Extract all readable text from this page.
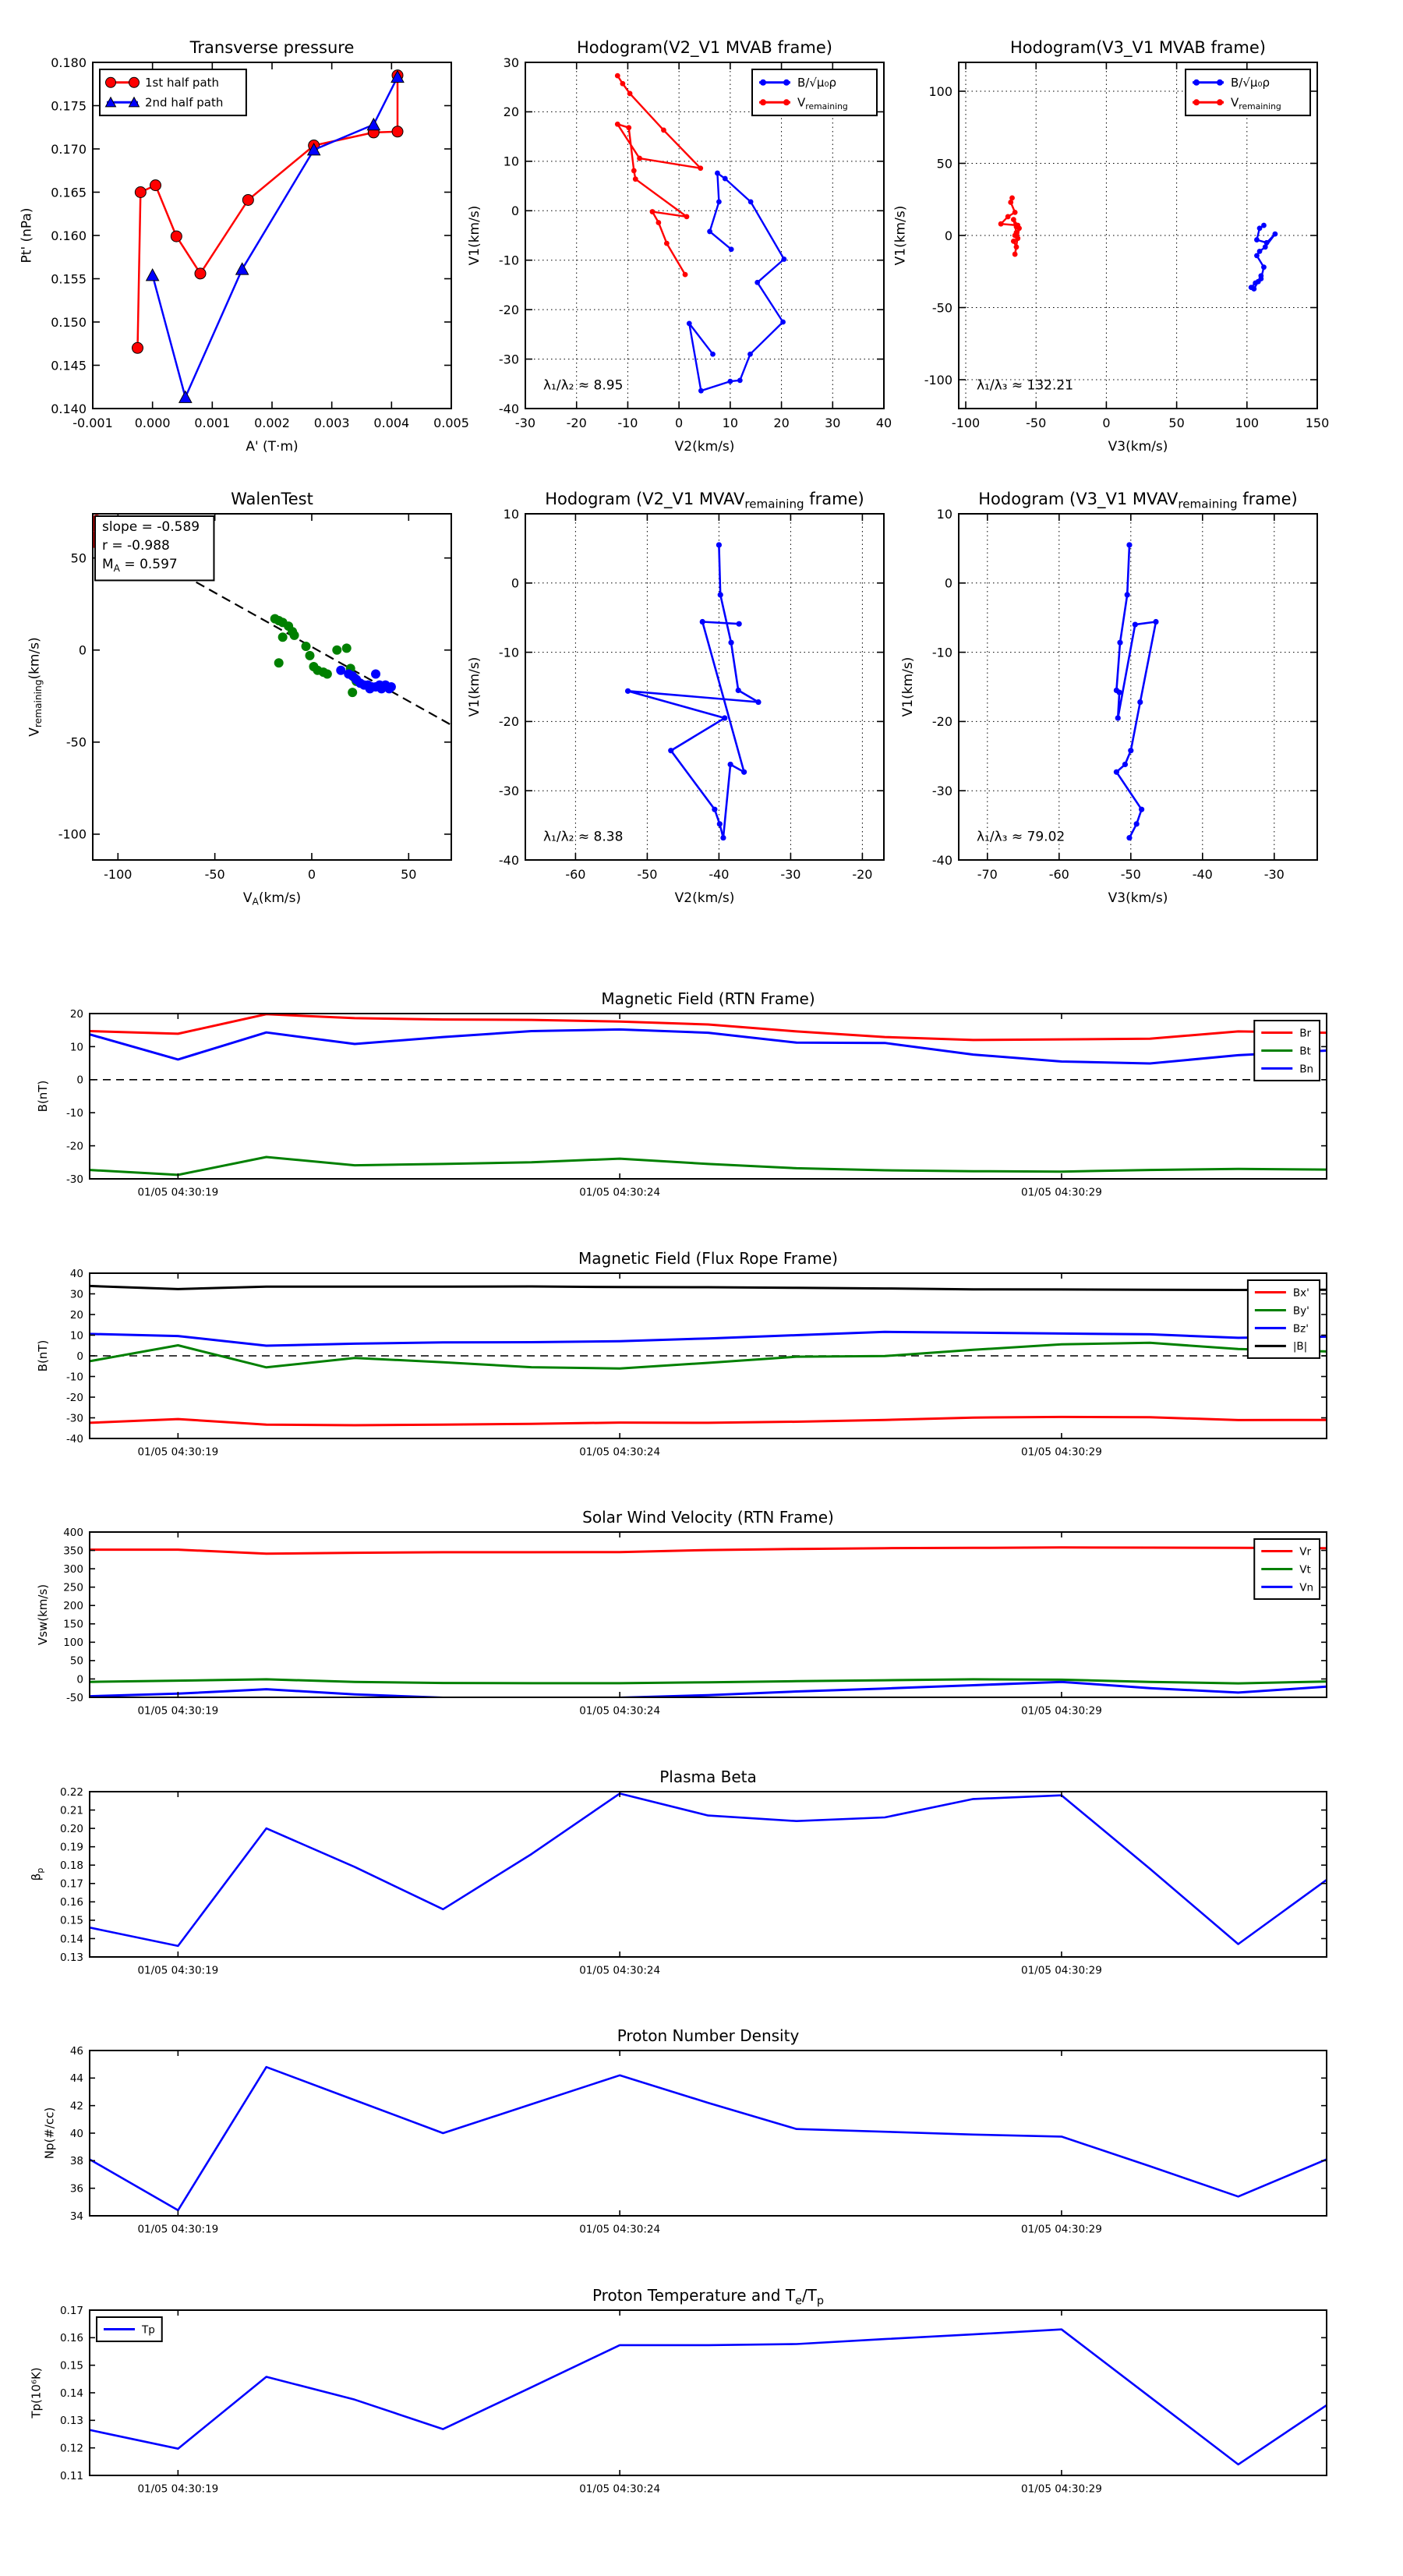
-0.001 0.000 0.001 0.002 0.003 0.004 0.005
0.140
0.145
0.150
0.155
0.160
0.165
0.170
0.175
0.180
Transverse pressure
A' (T·m)
Pt' (nPa)
1st half path
2nd half path
-30 -20 -10	0	10	20	30	40
-40
-30
-20
-10
0
10
20
30
Hodogram(V2_V1 MVAB frame)
V2(km/s)
V1(km/s)
λ₁/λ₂ ≈ 8.95
B/√μ₀ρ
$V_{remaining}$
-100	-50	0	50	100	150
-100
-50
0
50
100
Hodogram(V3_V1 MVAB frame)
V3(km/s)
V1(km/s)
λ₁/λ₃ ≈ 132.21
B/√μ₀ρ
$V_{remaining}$
-100	-50	0	50
-100
-50
0
50
WalenTest
$V_A(km/s)$
$V_{remaining}(km/s)$
slope = -0.589
r = -0.988
$M_A = 0.597$
-60	-50	-40	-30	-20
-40
-30
-20
-10
0
10
Hodogram (V2_V1 $MVAV_{remaining}$ frame)
V2(km/s)
V1(km/s)
λ₁/λ₂ ≈ 8.38
-70	-60	-50	-40	-30
-40
-30
-20
-10
0
10
Hodogram (V3_V1 $MVAV_{remaining}$ frame)
V3(km/s)
V1(km/s)
λ₁/λ₃ ≈ 79.02
01/05 04:30:19	01/05 04:30:24	01/05 04:30:29
-30
-20
-10
0
10
20
Magnetic Field (RTN Frame)
B(nT)
Br
Bt
Bn
01/05 04:30:19	01/05 04:30:24	01/05 04:30:29
-40
-30
-20
-10
0
10
20
30
40
Magnetic Field (Flux Rope Frame)
B(nT)
Bx'
By'
Bz'
|B|
01/05 04:30:19	01/05 04:30:24	01/05 04:30:29
-50
0
50
100
150
200
250
300
350
400
Solar Wind Velocity (RTN Frame)
Vsw(km/s)
Vr
Vt
Vn
01/05 04:30:19	01/05 04:30:24	01/05 04:30:29
0.13
0.14
0.15
0.16
0.17
0.18
0.19
0.20
0.21
0.22
Plasma Beta
$\beta_p$
01/05 04:30:19	01/05 04:30:24	01/05 04:30:29
34
36
38
40
42
44
46
Proton Number Density
Np(#/cc)
01/05 04:30:19	01/05 04:30:24	01/05 04:30:29
0.11
0.12
0.13
0.14
0.15
0.16
0.17
Proton Temperature and $T_e/T_p$
Tp(10⁶K)
Tp
